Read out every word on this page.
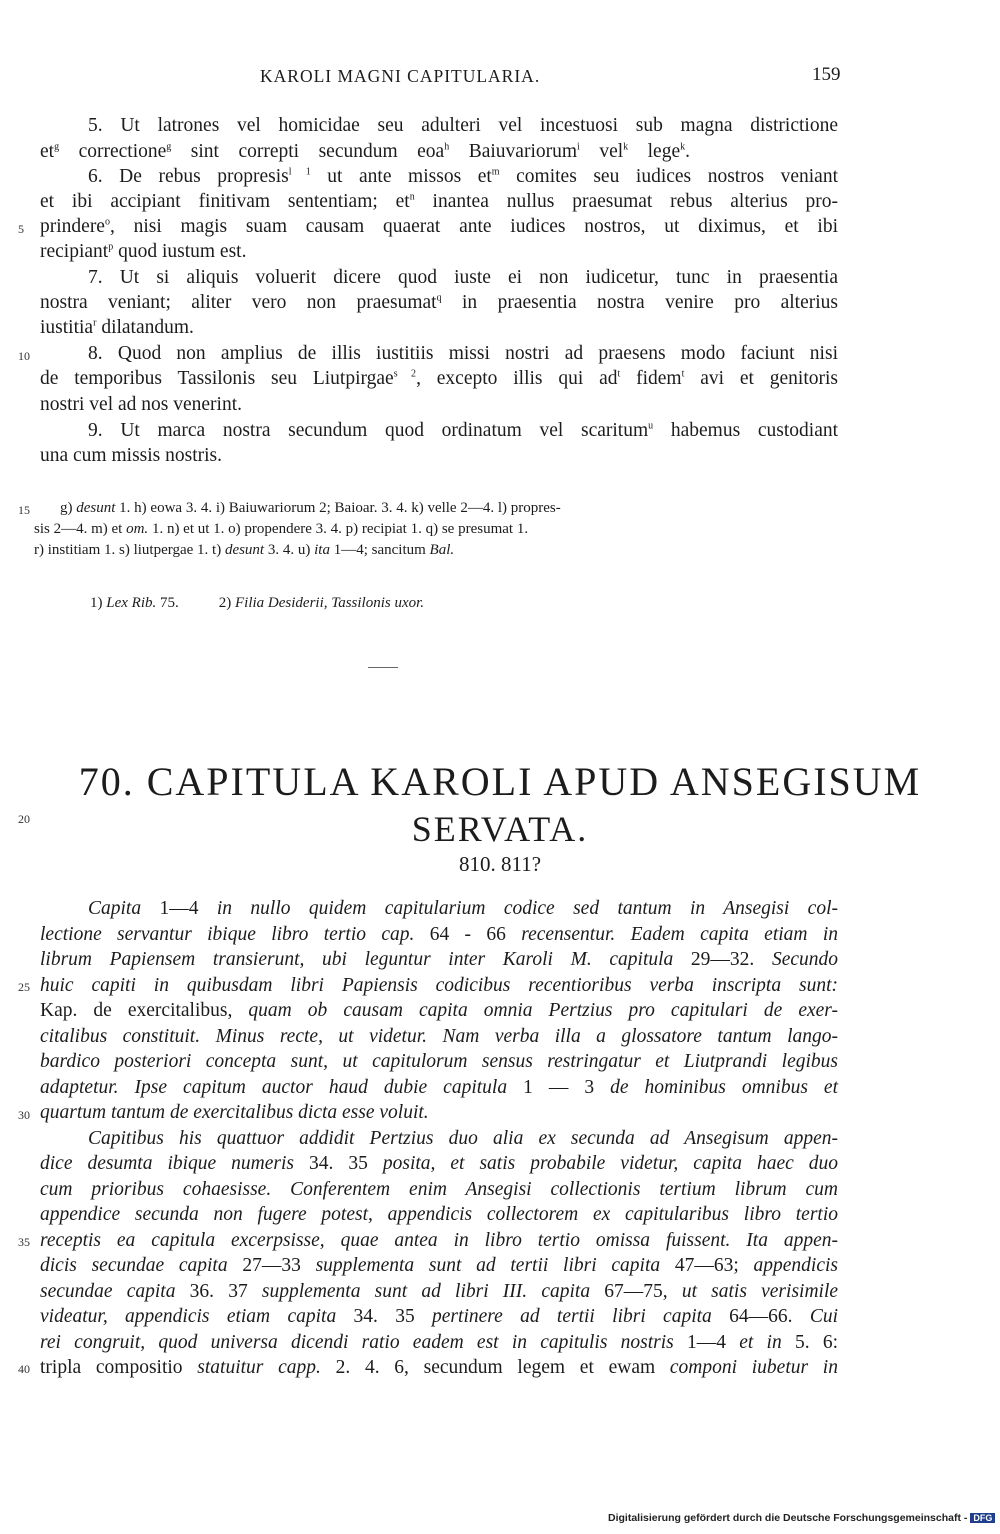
KAROLI MAGNI CAPITULARIA.	159
5
10
15
20
25
30
35
40
5. Ut latrones vel homicidae seu adulteri vel incestuosi sub magna districtione
$et^g$ correctione$^g$ sint correpti secundum eoa$^h$ Baiuvariorum$^i$ vel$^k$ lege$^k$.
6. De rebus propresis$^{l 1}$ ut ante missos $et^m$ comites seu iudices nostros veniant
et ibi accipiant finitivam sententiam; $et^n$ inantea nullus praesumat rebus alterius pro-
prindere$^o$, nisi magis suam causam quaerat ante iudices nostros, ut diximus, et ibi
recipiant$^p$ quod iustum est.
7. Ut si aliquis voluerit dicere quod iuste ei non iudicetur, tunc in praesentia
nostra veniant; aliter vero non praesumat$^q$ in praesentia nostra venire pro alterius
iustitia$^r$ dilatandum.
8. Quod non amplius de illis iustitiis missi nostri ad praesens modo faciunt nisi
de temporibus Tassilonis seu Liutpirgae$^{s 2}$, excepto illis qui $ad^t$ fidem$^t$ avi et genitoris
nostri vel ad nos venerint.
9. Ut marca nostra secundum quod ordinatum vel scaritum$^u$ habemus custodiant
una cum missis nostris.
g) desunt 1. h) eowa 3. 4. i) Baiuwariorum 2; Baioar. 3. 4. k) velle 2—4. l) propres-
sis 2—4. m) et om. 1. n) et ut 1. o) propendere 3. 4. p) recipiat 1. q) se presumat 1.
r) institiam 1. s) liutpergae 1. t) desunt 3. 4. u) ita 1—4; sancitum Bal.
1) Lex Rib. 75.	2) Filia Desiderii, Tassilonis uxor.
70. CAPITULA KAROLI APUD ANSEGISUM
SERVATA.
810. 811?
Capita 1—4 in nullo quidem capitularium codice sed tantum in Ansegisi col-
lectione servantur ibique libro tertio cap. 64 - 66 recensentur. Eadem capita etiam in
librum Papiensem transierunt, ubi leguntur inter Karoli M. capitula 29—32. Secundo
huic capiti in quibusdam libri Papiensis codicibus recentioribus verba inscripta sunt:
Kap. de exercitalibus, quam ob causam capita omnia Pertzius pro capitulari de exer-
citalibus constituit. Minus recte, ut videtur. Nam verba illa a glossatore tantum lango-
bardico posteriori concepta sunt, ut capitulorum sensus restringatur et Liutprandi legibus
adaptetur. Ipse capitum auctor haud dubie capitula 1 — 3 de hominibus omnibus et
quartum tantum de exercitalibus dicta esse voluit.
Capitibus his quattuor addidit Pertzius duo alia ex secunda ad Ansegisum appen-
dice desumta ibique numeris 34. 35 posita, et satis probabile videtur, capita haec duo
cum prioribus cohaesisse. Conferentem enim Ansegisi collectionis tertium librum cum
appendice secunda non fugere potest, appendicis collectorem ex capitularibus libro tertio
receptis ea capitula excerpsisse, quae antea in libro tertio omissa fuissent. Ita appen-
dicis secundae capita 27—33 supplementa sunt ad tertii libri capita 47—63; appendicis
secundae capita 36. 37 supplementa sunt ad libri III. capita 67—75, ut satis verisimile
videatur, appendicis etiam capita 34. 35 pertinere ad tertii libri capita 64—66. Cui
rei congruit, quod universa dicendi ratio eadem est in capitulis nostris 1—4 et in 5. 6:
tripla compositio statuitur capp. 2. 4. 6, secundum legem et ewam componi iubetur in
Digitalisierung gefördert durch die Deutsche Forschungsgemeinschaft - DFG
